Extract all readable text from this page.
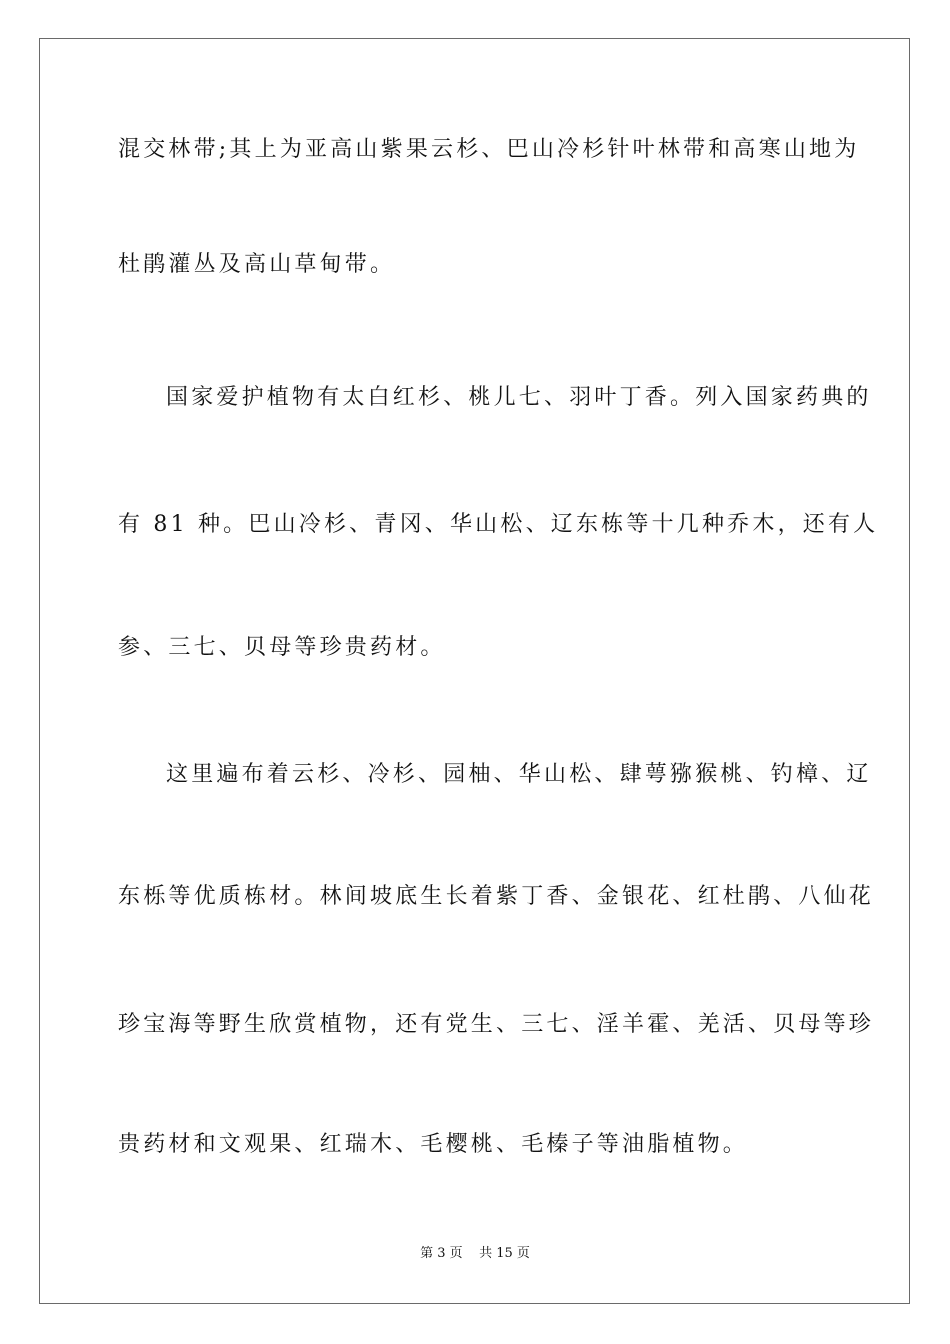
混交林带;其上为亚高山紫果云杉、巴山冷杉针叶林带和高寒山地为
杜鹃灌丛及高山草甸带。
国家爱护植物有太白红杉、桃儿七、羽叶丁香。列入国家药典的
有 81 种。巴山冷杉、青冈、华山松、辽东栋等十几种乔木，还有人
参、三七、贝母等珍贵药材。
这里遍布着云杉、冷杉、园柚、华山松、肆萼猕猴桃、钓樟、辽
东栎等优质栋材。林间坡底生长着紫丁香、金银花、红杜鹃、八仙花
珍宝海等野生欣赏植物，还有党生、三七、淫羊霍、羌活、贝母等珍
贵药材和文观果、红瑞木、毛樱桃、毛榛子等油脂植物。
第 3 页    共 15 页
